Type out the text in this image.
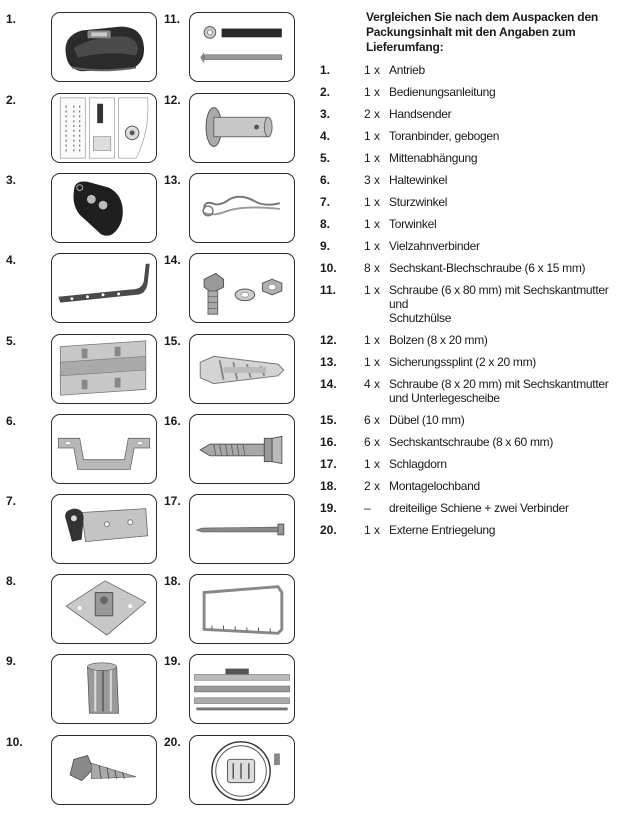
1.
2.
3.
4.
5.
6.
7.
8.
9.
10.
11.
12.
13.
14.
15.
16.
17.
18.
19.
20.
Vergleichen Sie nach dem Auspacken den
Packungsinhalt mit den Angaben zum
Lieferumfang:
1.	1 x Antrieb
2.	1 x Bedienungsanleitung
3.	2 x Handsender
4.	1 x Toranbinder, gebogen
5.	1 x Mittenabhängung
6.	3 x Haltewinkel
7.	1 x Sturzwinkel
8.	1 x Torwinkel
9.	1 x Vielzahnverbinder
10. 8 x Sechskant-Blechschraube (6 x 15 mm)
11. 1 x Schraube (6 x 80 mm) mit Sechskantmutter und
Schutzhülse
12. 1 x Bolzen (8 x 20 mm)
13. 1 x Sicherungssplint (2 x 20 mm)
14. 4 x Schraube (8 x 20 mm) mit Sechskantmutter
und Unterlegescheibe
15. 6 x Dübel (10 mm)
16. 6 x Sechskantschraube (8 x 60 mm)
17. 1 x Schlagdorn
18. 2 x Montagelochband
19. – dreiteilige Schiene + zwei Verbinder
20. 1 x Externe Entriegelung
